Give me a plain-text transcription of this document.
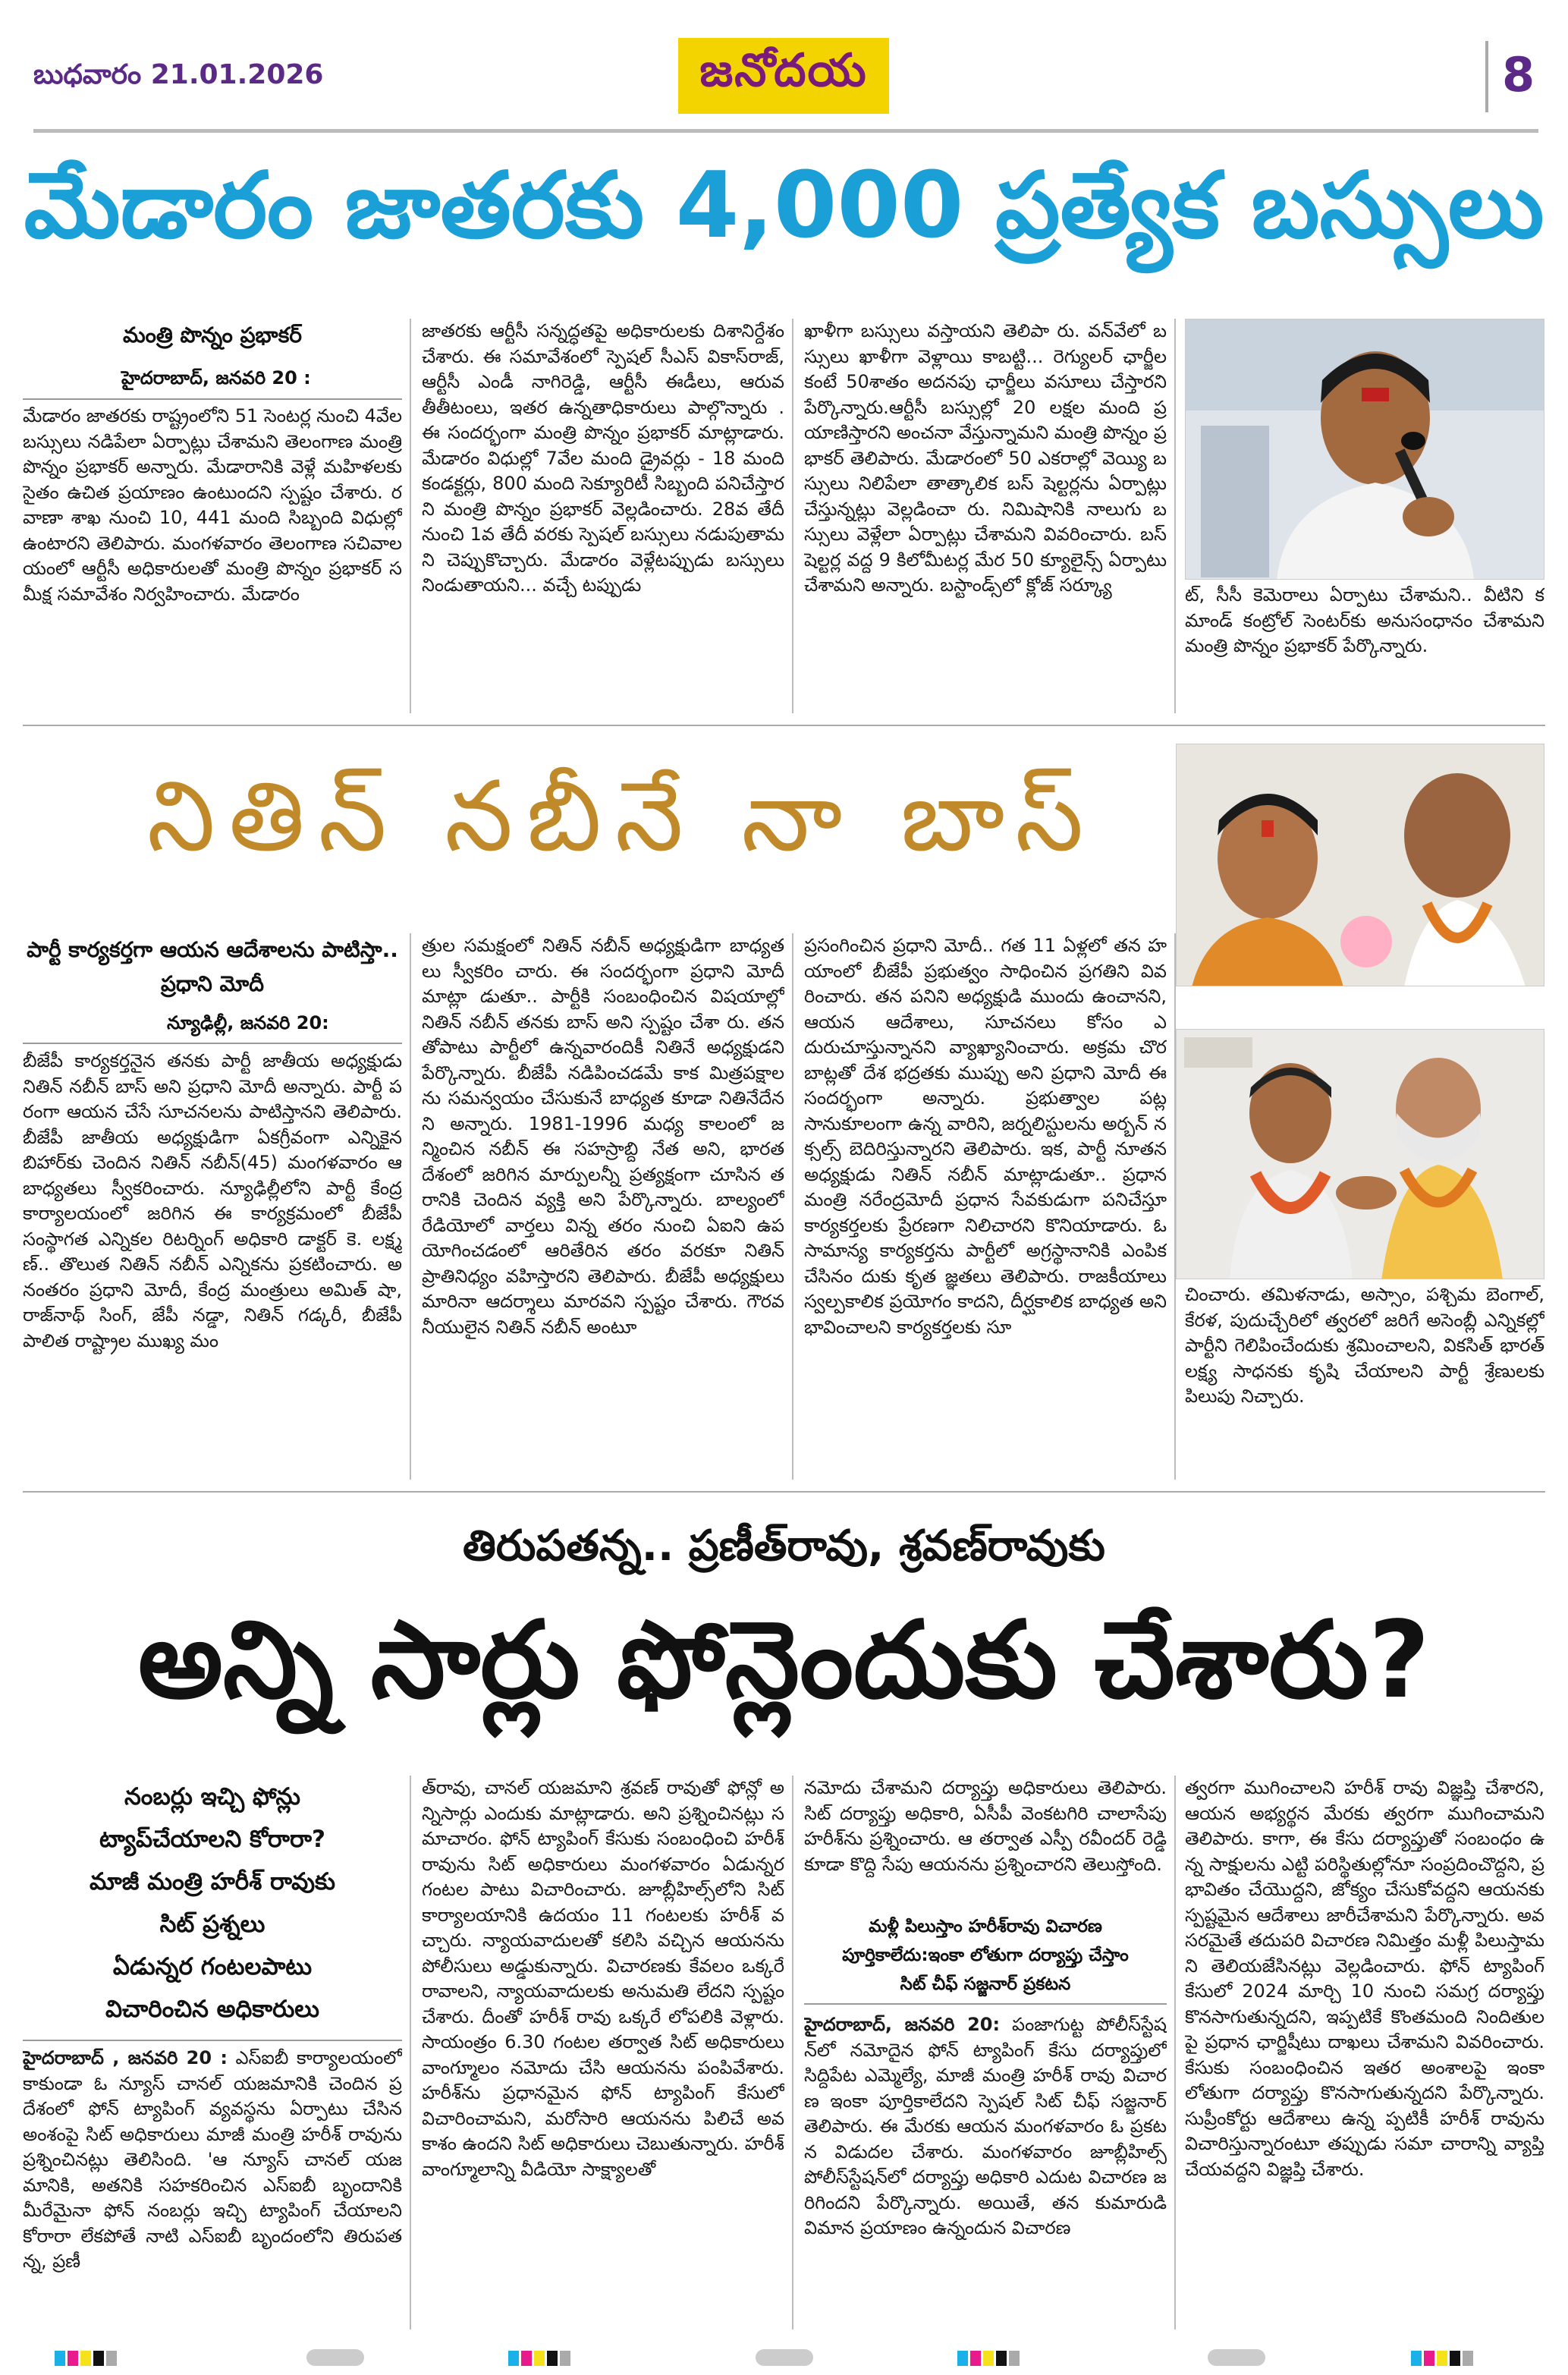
బుధవారం 21.01.2026	జనోదయ	8
మేడారం జాతరకు 4,000 ప్రత్యేక బస్సులు
మంత్రి పొన్నం ప్రభాకర్
హైదరాబాద్, జనవరి 20 :
మేడారం జాతరకు రాష్ట్రంలోని 51 సెంటర్ల నుంచి 4వేల బస్సులు నడిపేలా ఏర్పాట్లు చేశామని తెలంగాణ మంత్రి పొన్నం ప్రభాకర్ అన్నారు. మేడారానికి వెళ్లే మహిళలకు సైతం ఉచిత ప్రయాణం ఉంటుందని స్పష్టం చేశారు. రవాణా శాఖ నుంచి 10, 441 మంది సిబ్బంది విధుల్లో ఉంటారని తెలిపారు. మంగళవారం తెలంగాణ సచివాలయంలో ఆర్టీసీ అధికారులతో మంత్రి పొన్నం ప్రభాకర్ సమీక్ష సమావేశం నిర్వహించారు. మేడారం
జాతరకు ఆర్టీసీ సన్నద్ధతపై అధికారులకు దిశానిర్దేశం చేశారు. ఈ సమావేశంలో స్పెషల్ సీఎస్ వికాస్‌రాజ్, ఆర్టీసీ ఎండీ నాగిరెడ్డి, ఆర్టీసీ ఈడీలు, ఆరువతీతీటంలు, ఇతర ఉన్నతాధికారులు పాల్గొన్నారు . ఈ సందర్భంగా మంత్రి పొన్నం ప్రభాకర్ మాట్లాడారు.మేడారం విధుల్లో 7వేల మంది డ్రైవర్లు - 18 మంది కండక్టర్లు, 800 మంది సెక్యూరిటీ సిబ్బంది పనిచేస్తారని మంత్రి పొన్నం ప్రభాకర్ వెల్లడించారు. 28వ తేదీ నుంచి 1వ తేదీ వరకు స్పెషల్ బస్సులు నడుపుతామని చెప్పుకొచ్చారు. మేడారం వెళ్లేటప్పుడు బస్సులు నిండుతాయని... వచ్చే టప్పుడు
ఖాళీగా బస్సులు వస్తాయని తెలిపా రు. వన్‌వేలో బస్సులు ఖాళీగా వెళ్లాయి కాబట్టి... రెగ్యులర్ ఛార్జీల కంటే 50శాతం అదనపు ఛార్జీలు వసూలు చేస్తారని పేర్కొన్నారు.ఆర్టీసీ బస్సుల్లో 20 లక్షల మంది ప్రయాణిస్తారని అంచనా వేస్తున్నామని మంత్రి పొన్నం ప్రభాకర్ తెలిపారు. మేడారంలో 50 ఎకరాల్లో వెయ్యి బస్సులు నిలిపేలా తాత్కాలిక బస్ షెల్టర్లను ఏర్పాట్లు చేస్తున్నట్లు వెల్లడించా రు. నిమిషానికి నాలుగు బస్సులు వెళ్లేలా ఏర్పాట్లు చేశామని వివరించారు. బస్ షెల్టర్ల వద్ద 9 కిలోమీటర్ల మేర 50 క్యూలైన్స్ ఏర్పాటు చేశామని అన్నారు. బస్టాండ్స్‌లో క్లోజ్ సర్క్యూ	ట్, సీసీ కెమెరాలు ఏర్పాటు చేశామని.. వీటిని కమాండ్ కంట్రోల్ సెంటర్‌కు అనుసంధానం చేశామని మంత్రి పొన్నం ప్రభాకర్ పేర్కొన్నారు.
నితిన్ నబీనే నా బాస్
పార్టీ కార్యకర్తగా ఆయన ఆదేశాలను పాటిస్తా.. ప్రధాని మోదీ
న్యూఢిల్లీ, జనవరి 20:
బీజేపీ కార్యకర్తనైన తనకు పార్టీ జాతీయ అధ్యక్షుడు నితిన్ నబీన్ బాస్ అని ప్రధాని మోదీ అన్నారు. పార్టీ పరంగా ఆయన చేసే సూచనలను పాటిస్తానని తెలిపారు. బీజేపీ జాతీయ అధ్యక్షుడిగా ఏకగ్రీవంగా ఎన్నికైన బిహార్‌కు చెందిన నితిన్ నబీన్(45) మంగళవారం ఆ బాధ్యతలు స్వీకరించారు. న్యూఢిల్లీలోని పార్టీ కేంద్ర కార్యాలయంలో జరిగిన ఈ కార్యక్రమంలో బీజేపీ సంస్థాగత ఎన్నికల రిటర్నింగ్ అధికారి డాక్టర్ కె. లక్ష్మణ్.. తొలుత నితిన్ నబీన్ ఎన్నికను ప్రకటించారు. అనంతరం ప్రధాని మోదీ, కేంద్ర మంత్రులు అమిత్ షా, రాజ్‌నాథ్ సింగ్, జేపీ నడ్డా, నితిన్ గడ్కరీ, బీజేపీ పాలిత రాష్ట్రాల ముఖ్య మం
త్రుల సమక్షంలో నితిన్ నబీన్ అధ్యక్షుడిగా బాధ్యతలు స్వీకరిం చారు. ఈ సందర్భంగా ప్రధాని మోదీ మాట్లా డుతూ.. పార్టీకి సంబంధించిన విషయాల్లో నితిన్ నబీన్ తనకు బాస్ అని స్పష్టం చేశా రు. తనతోపాటు పార్టీలో ఉన్నవారందికీ నితినే అధ్యక్షుడని పేర్కొన్నారు. బీజేపీ నడిపించడమే కాక మిత్రపక్షాలను సమన్వయం చేసుకునే బాధ్యత కూడా నితినేదేనని అన్నారు. 1981-1996 మధ్య కాలంలో జన్మించిన నబీన్ ఈ సహస్రాబ్ది నేత అని, భారత దేశంలో జరిగిన మార్పులన్నీ ప్రత్యక్షంగా చూసిన తరానికి చెందిన వ్యక్తి అని పేర్కొన్నారు. బాల్యంలో రేడియోలో వార్తలు విన్న తరం నుంచి ఏఐని ఉపయోగించడంలో ఆరితేరిన తరం వరకూ నితిన్ ప్రాతినిధ్యం వహిస్తారని తెలిపారు. బీజేపీ అధ్యక్షులు మారినా ఆదర్శాలు మారవని స్పష్టం చేశారు. గౌరవనీయులైన నితిన్ నబీన్ అంటూ
ప్రసంగించిన ప్రధాని మోదీ.. గత 11 ఏళ్లలో తన హయాంలో బీజేపీ ప్రభుత్వం సాధించిన ప్రగతిని వివరించారు. తన పనిని అధ్యక్షుడి ముందు ఉంచానని, ఆయన ఆదేశాలు, సూచనలు కోసం ఎదురుచూస్తున్నానని వ్యాఖ్యానించారు. అక్రమ చొరబాట్లతో దేశ భద్రతకు ముప్పు అని ప్రధాని మోదీ ఈ సందర్భంగా అన్నారు. ప్రభుత్వాల పట్ల సానుకూలంగా ఉన్న వారిని, జర్నలిస్టులను అర్బన్ నక్సల్స్ బెదిరిస్తున్నారని తెలిపారు. ఇక, పార్టీ నూతన అధ్యక్షుడు నితిన్ నబీన్ మాట్లాడుతూ.. ప్రధానమంత్రి నరేంద్రమోదీ ప్రధాన సేవకుడుగా పనిచేస్తూ కార్యకర్తలకు ప్రేరణగా నిలిచారని కొనియాడారు. ఓ సామాన్య కార్యకర్తను పార్టీలో అగ్రస్థానానికి ఎంపిక చేసినం దుకు కృత జ్ఞతలు తెలిపారు. రాజకీయాలు స్వల్పకాలిక ప్రయోగం కాదని, దీర్ఘకాలిక బాధ్యత అని భావించాలని కార్యకర్తలకు సూ
చించారు. తమిళనాడు, అస్సాం, పశ్చిమ బెంగాల్, కేరళ, పుదుచ్చేరిలో త్వరలో జరిగే అసెంబ్లీ ఎన్నికల్లో పార్టీని గెలిపించేందుకు శ్రమించాలని, వికసిత్ భారత్ లక్ష్య సాధనకు కృషి చేయాలని పార్టీ శ్రేణులకు పిలుపు నిచ్చారు.
తిరుపతన్న.. ప్రణీత్‌రావు, శ్రవణ్‌రావుకు
అన్ని సార్లు ఫోన్లెందుకు చేశారు?
నంబర్లు ఇచ్చి ఫోన్లు
ట్యాప్‌చేయాలని కోరారా?
మాజీ మంత్రి హరీశ్ రావుకు
సిట్ ప్రశ్నలు
ఏడున్నర గంటలపాటు
విచారించిన అధికారులు
హైదరాబాద్ , జనవరి 20 : ఎస్ఐబీ కార్యాలయంలో కాకుండా ఓ న్యూస్ చానల్ యజమానికి చెందిన ప్రదేశంలో ఫోన్ ట్యాపింగ్ వ్యవస్థను ఏర్పాటు చేసిన అంశంపై సిట్ అధికారులు మాజీ మంత్రి హరీశ్ రావును ప్రశ్నించినట్లు తెలిసింది. 'ఆ న్యూస్ చానల్ యజమానికి, అతనికి సహకరించిన ఎస్ఐబీ బృందానికి మీరేమైనా ఫోన్ నంబర్లు ఇచ్చి ట్యాపింగ్ చేయాలని కోరారా లేకపోతే నాటి ఎస్ఐబీ బృందంలోని తిరుపతన్న, ప్రణీ
త్‌రావు, చానల్ యజమాని శ్రవణ్ రావుతో ఫోన్లో అన్నిసార్లు ఎందుకు మాట్లాడారు. అని ప్రశ్నించినట్లు సమాచారం. ఫోన్ ట్యాపింగ్ కేసుకు సంబంధించి హరీశ్ రావును సిట్ అధికారులు మంగళవారం ఏడున్నర గంటల పాటు విచారించారు. జూబ్లీహిల్స్‌లోని సిట్ కార్యాలయానికి ఉదయం 11 గంటలకు హరీశ్ వచ్చారు. న్యాయవాదులతో కలిసి వచ్చిన ఆయనను పోలీసులు అడ్డుకున్నారు. విచారణకు కేవలం ఒక్కరే రావాలని, న్యాయవాదులకు అనుమతి లేదని స్పష్టం చేశారు. దీంతో హరీశ్ రావు ఒక్కరే లోపలికి వెళ్లారు. సాయంత్రం 6.30 గంటల తర్వాత సిట్ అధికారులు వాంగ్మూలం నమోదు చేసి ఆయనను పంపివేశారు. హరీశ్‌ను ప్రధానమైన ఫోన్ ట్యాపింగ్ కేసులో విచారించామని, మరోసారి ఆయనను పిలిచే అవకాశం ఉందని సిట్ అధికారులు చెబుతున్నారు. హరీశ్ వాంగ్మూలాన్ని వీడియో సాక్ష్యాలతో
నమోదు చేశామని దర్యాప్తు అధికారులు తెలిపారు. సిట్ దర్యాప్తు అధికారి, ఏసీపీ వెంకటగిరి చాలాసేపు హరీశ్‌ను ప్రశ్నించారు. ఆ తర్వాత ఎస్పీ రవీందర్ రెడ్డి కూడా కొద్ది సేపు ఆయనను ప్రశ్నించారని తెలుస్తోంది.
మళ్లీ పిలుస్తాం హరీశ్‌రావు విచారణ
పూర్తికాలేదు:ఇంకా లోతుగా దర్యాప్తు చేస్తాం
సిట్ చీఫ్ సజ్జనార్ ప్రకటన
హైదరాబాద్, జనవరి 20: పంజాగుట్ట పోలీస్‌స్టేషన్‌లో నమోదైన ఫోన్ ట్యాపింగ్ కేసు దర్యాప్తులో సిద్దిపేట ఎమ్మెల్యే, మాజీ మంత్రి హరీశ్ రావు విచారణ ఇంకా పూర్తికాలేదని స్పెషల్ సిట్ చీఫ్ సజ్జనార్ తెలిపారు. ఈ మేరకు ఆయన మంగళవారం ఓ ప్రకటన విడుదల చేశారు. మంగళవారం జూబ్లీహిల్స్ పోలీస్‌స్టేషన్‌లో దర్యాప్తు అధికారి ఎదుట విచారణ జరిగిందని పేర్కొన్నారు. అయితే, తన కుమారుడి విమాన ప్రయాణం ఉన్నందున విచారణ
త్వరగా ముగించాలని హరీశ్ రావు విజ్ఞప్తి చేశారని, ఆయన అభ్యర్థన మేరకు త్వరగా ముగించామని తెలిపారు. కాగా, ఈ కేసు దర్యాప్తుతో సంబంధం ఉన్న సాక్షులను ఎట్టి పరిస్థితుల్లోనూ సంప్రదించొద్దని, ప్రభావితం చేయొద్దని, జోక్యం చేసుకోవద్దని ఆయనకు స్పష్టమైన ఆదేశాలు జారీచేశామని పేర్కొన్నారు. అవసరమైతే తదుపరి విచారణ నిమిత్తం మళ్లీ పిలుస్తామని తెలియజేసినట్లు వెల్లడించారు. ఫోన్ ట్యాపింగ్ కేసులో 2024 మార్చి 10 నుంచి సమగ్ర దర్యాప్తు కొనసాగుతున్నదని, ఇప్పటికే కొంతమంది నిందితులపై ప్రధాన ఛార్జిషీటు దాఖలు చేశామని వివరించారు. కేసుకు సంబంధించిన ఇతర అంశాలపై ఇంకా లోతుగా దర్యాప్తు కొనసాగుతున్నదని పేర్కొన్నారు. సుప్రీంకోర్టు ఆదేశాలు ఉన్న ప్పటికీ హరీశ్ రావును విచారిస్తున్నారంటూ తప్పుడు సమా చారాన్ని వ్యాప్తి చేయవద్దని విజ్ఞప్తి చేశారు.
